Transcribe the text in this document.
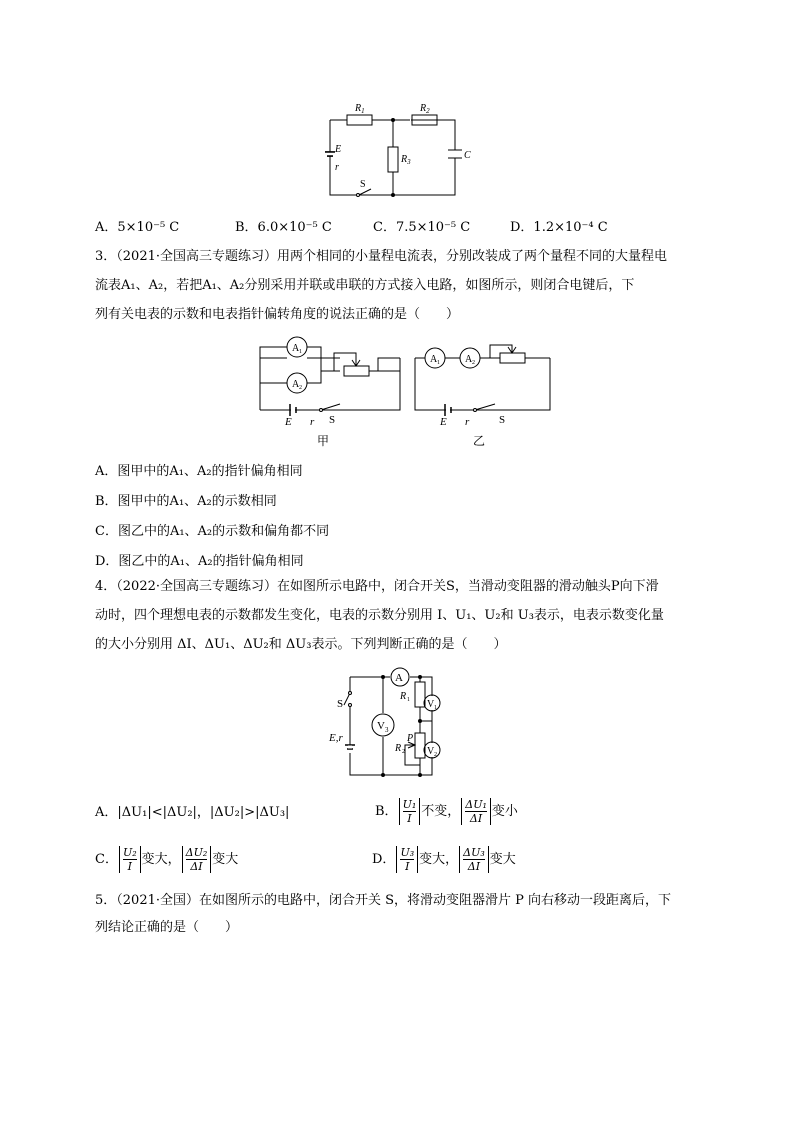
$R_1$	$R_2$
$R_3$
E
r
C
S
A．5×10⁻⁵ C	B．6.0×10⁻⁵ C	C．7.5×10⁻⁵ C	D．1.2×10⁻⁴ C
3．（2021·全国高三专题练习）用两个相同的小量程电流表，分别改装成了两个量程不同的大量程电
流表A₁、A₂，若把A₁、A₂分别采用并联或串联的方式接入电路，如图所示，则闭合电键后，下
列有关电表的示数和电表指针偏转角度的说法正确的是（　　）
A 1
A 2
A 1	A 2
E r S	E r	S
甲	乙
A．图甲中的A₁、A₂的指针偏角相同
B．图甲中的A₁、A₂的示数相同
C．图乙中的A₁、A₂的示数和偏角都不同
D．图乙中的A₁、A₂的指针偏角相同
4．（2022·全国高三专题练习）在如图所示电路中，闭合开关S，当滑动变阻器的滑动触头P向下滑
动时，四个理想电表的示数都发生变化，电表的示数分别用 I、U₁、U₂和 U₃表示，电表示数变化量
的大小分别用 ΔI、ΔU₁、ΔU₂和 ΔU₃表示。下列判断正确的是（　　）
A
V 1
V 2
V 3
R 1
R 2
P
S
E,r
A．|ΔU₁|<|ΔU₂|，|ΔU₂|>|ΔU₃|	B． $\frac{\text{U₁}}{I}$ 不变， $\frac{\text{ΔU₁}}{\Delta I}$ 变小
C． $\frac{\text{U₂}}{I}$ 变大， $\frac{\text{ΔU₂}}{\Delta I}$ 变大	D． $\frac{\text{U₃}}{I}$ 变大， $\frac{\text{ΔU₃}}{\Delta I}$ 变大
5．（2021·全国）在如图所示的电路中，闭合开关 S，将滑动变阻器滑片 P 向右移动一段距离后，下
列结论正确的是（　　）
